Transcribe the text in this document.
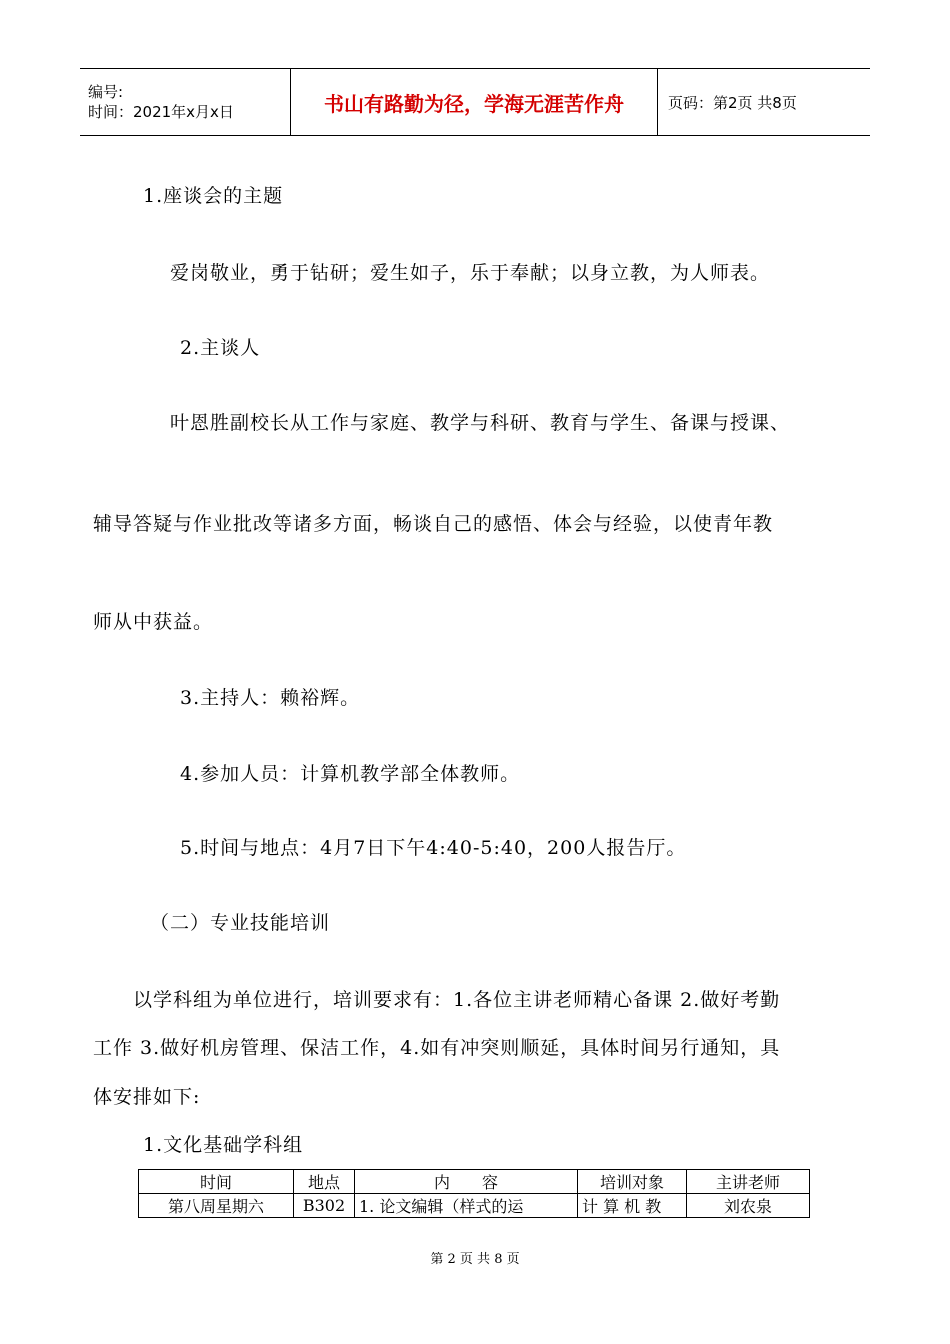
编号:
时间：2021年x月x日	书山有路勤为径，学海无涯苦作舟	页码：第2页 共8页
1.座谈会的主题
爱岗敬业，勇于钻研；爱生如子，乐于奉献；以身立教，为人师表。
2.主谈人
叶恩胜副校长从工作与家庭、教学与科研、教育与学生、备课与授课、
辅导答疑与作业批改等诸多方面，畅谈自己的感悟、体会与经验，以使青年教
师从中获益。
3.主持人：赖裕辉。
4.参加人员：计算机教学部全体教师。
5.时间与地点：4月7日下午4:40-5:40，200人报告厅。
（二）专业技能培训
以学科组为单位进行，培训要求有：1.各位主讲老师精心备课 2.做好考勤
工作 3.做好机房管理、保洁工作，4.如有冲突则顺延，具体时间另行通知，具
体安排如下:
1.文化基础学科组
时间	地点	内　　容	培训对象	主讲老师
第八周星期六	B302	1. 论文编辑（样式的运	计 算 机 教	刘农泉
第 2 页 共 8 页
